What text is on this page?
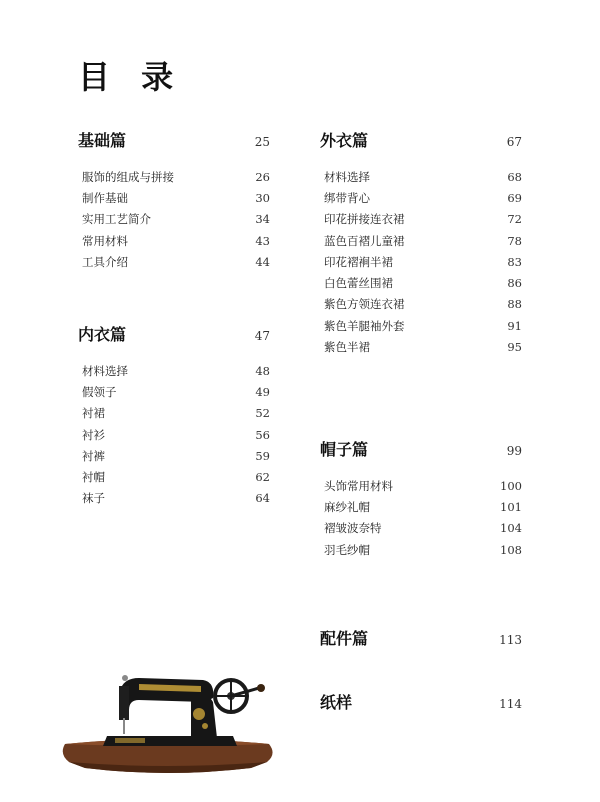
目 录
基础篇	25
服饰的组成与拼接	26
制作基础	30
实用工艺简介	34
常用材料	43
工具介绍	44
内衣篇	47
材料选择	48
假领子	49
衬裙	52
衬衫	56
衬裤	59
衬帽	62
袜子	64
外衣篇	67
材料选择	68
绑带背心	69
印花拼接连衣裙	72
蓝色百褶儿童裙	78
印花褶裥半裙	83
白色蕾丝围裙	86
紫色方领连衣裙	88
紫色羊腿袖外套	91
紫色半裙	95
帽子篇	99
头饰常用材料	100
麻纱礼帽	101
褶皱波奈特	104
羽毛纱帽	108
配件篇	113
纸样	114
